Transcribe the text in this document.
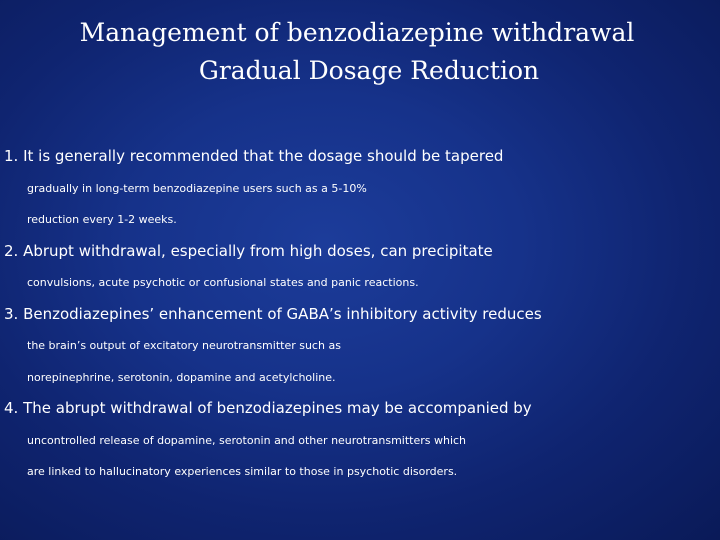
Management of benzodiazepine withdrawal
Gradual Dosage Reduction
1. It is generally recommended that the dosage should be tapered
gradually in long-term benzodiazepine users such as a 5-10%
reduction every 1-2 weeks.
2. Abrupt withdrawal, especially from high doses, can precipitate
convulsions, acute psychotic or confusional states and panic reactions.
3. Benzodiazepines’ enhancement of GABA’s inhibitory activity reduces
the brain’s output of excitatory neurotransmitter such as
norepinephrine, serotonin, dopamine and acetylcholine.
4. The abrupt withdrawal of benzodiazepines may be accompanied by
uncontrolled release of dopamine, serotonin and other neurotransmitters which
are linked to hallucinatory experiences similar to those in psychotic disorders.
